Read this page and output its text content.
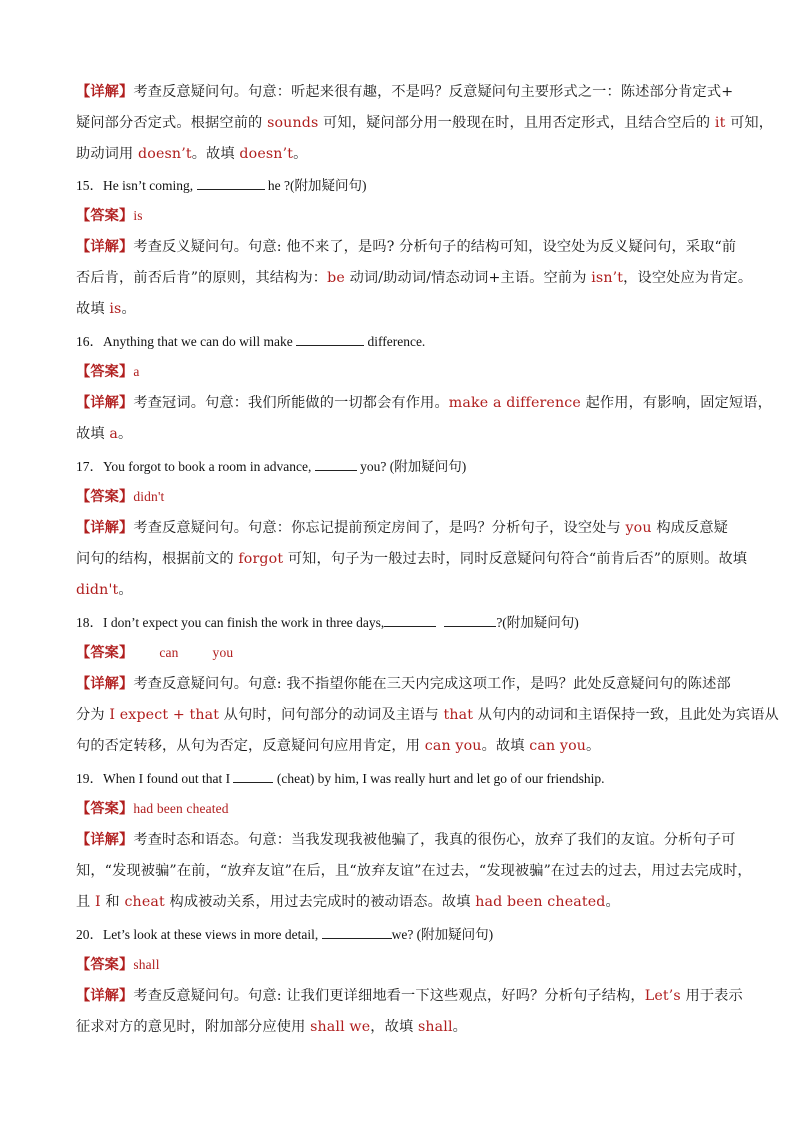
【详解】考查反意疑问句。句意：听起来很有趣，不是吗？反意疑问句主要形式之一：陈述部分肯定式+
疑问部分否定式。根据空前的 sounds 可知，疑问部分用一般现在时，且用否定形式，且结合空后的 it 可知，
助动词用 doesn’t。故填 doesn’t。
15．He isn’t coming,	he ?(附加疑问句)
【答案】is
【详解】考查反义疑问句。句意: 他不来了，是吗? 分析句子的结构可知，设空处为反义疑问句，采取“前
否后肯，前否后肯”的原则，其结构为：be 动词/助动词/情态动词+主语。空前为 isn’t，设空处应为肯定。
故填 is。
16．Anything that we can do will make	difference.
【答案】a
【详解】考查冠词。句意：我们所能做的一切都会有作用。make a difference 起作用，有影响，固定短语，
故填 a。
17．You forgot to book a room in advance,	you? (附加疑问句)
【答案】didn't
【详解】考查反意疑问句。句意：你忘记提前预定房间了，是吗？分析句子，设空处与 you 构成反意疑
问句的结构，根据前文的 forgot 可知，句子为一般过去时，同时反意疑问句符合“前肯后否”的原则。故填
didn't。
18．I don’t expect you can finish the work in three days,	?(附加疑问句)
【答案】 can	you
【详解】考查反意疑问句。句意: 我不指望你能在三天内完成这项工作，是吗？此处反意疑问句的陈述部
分为 I expect + that 从句时，问句部分的动词及主语与 that 从句内的动词和主语保持一致，且此处为宾语从
句的否定转移，从句为否定，反意疑问句应用肯定，用 can you。故填 can you。
19．When I found out that I	(cheat) by him, I was really hurt and let go of our friendship.
【答案】had been cheated
【详解】考查时态和语态。句意：当我发现我被他骗了，我真的很伤心，放弃了我们的友谊。分析句子可
知，“发现被骗”在前，“放弃友谊”在后，且“放弃友谊”在过去，“发现被骗”在过去的过去，用过去完成时，
且 I 和 cheat 构成被动关系，用过去完成时的被动语态。故填 had been cheated。
20．Let’s look at these views in more detail,	we? (附加疑问句)
【答案】shall
【详解】考查反意疑问句。句意: 让我们更详细地看一下这些观点，好吗？分析句子结构，Let’s 用于表示
征求对方的意见时，附加部分应使用 shall we，故填 shall。
